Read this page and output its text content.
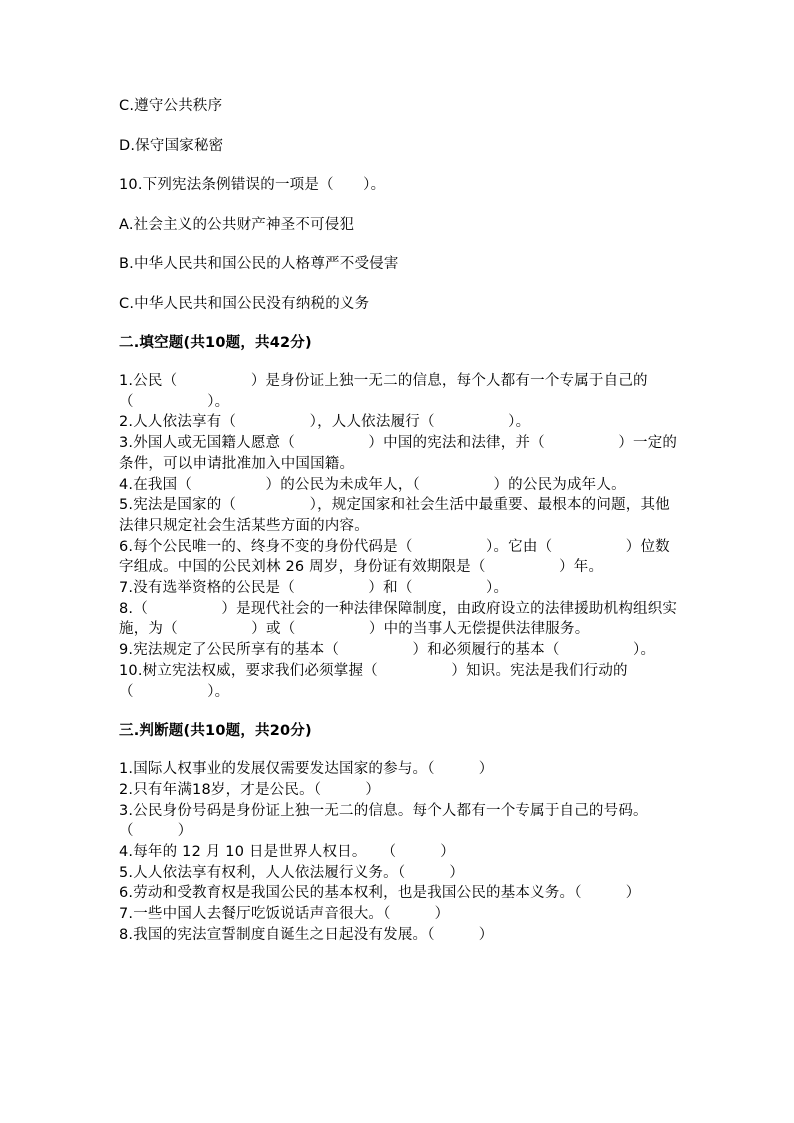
C.遵守公共秩序
D.保守国家秘密
10.下列宪法条例错误的一项是（　　）。
A.社会主义的公共财产神圣不可侵犯
B.中华人民共和国公民的人格尊严不受侵害
C.中华人民共和国公民没有纳税的义务
二.填空题(共10题，共42分)
1.公民（　　　　　）是身份证上独一无二的信息，每个人都有一个专属于自己的（　　　　　）。
2.人人依法享有（　　　　　），人人依法履行（　　　　　）。
3.外国人或无国籍人愿意（　　　　　）中国的宪法和法律，并（　　　　　）一定的条件，可以申请批准加入中国国籍。
4.在我国（　　　　　）的公民为未成年人，（　　　　　）的公民为成年人。
5.宪法是国家的（　　　　　），规定国家和社会生活中最重要、最根本的问题，其他法律只规定社会生活某些方面的内容。
6.每个公民唯一的、终身不变的身份代码是（　　　　　）。它由（　　　　　）位数字组成。中国的公民刘林 26 周岁，身份证有效期限是（　　　　　）年。
7.没有选举资格的公民是（　　　　　）和（　　　　　）。
8.（　　　　　）是现代社会的一种法律保障制度，由政府设立的法律援助机构组织实施，为（　　　　　）或（　　　　　）中的当事人无偿提供法律服务。
9.宪法规定了公民所享有的基本（　　　　　）和必须履行的基本（　　　　　）。
10.树立宪法权威，要求我们必须掌握（　　　　　）知识。宪法是我们行动的（　　　　　）。
三.判断题(共10题，共20分)
1.国际人权事业的发展仅需要发达国家的参与。（　　　）
2.只有年满18岁，才是公民。（　　　）
3.公民身份号码是身份证上独一无二的信息。每个人都有一个专属于自己的号码。（　　　）
4.每年的 12 月 10 日是世界人权日。　　（　　　）
5.人人依法享有权利，人人依法履行义务。（　　　）
6.劳动和受教育权是我国公民的基本权利，也是我国公民的基本义务。（　　　）
7.一些中国人去餐厅吃饭说话声音很大。（　　　）
8.我国的宪法宣誓制度自诞生之日起没有发展。（　　　）
